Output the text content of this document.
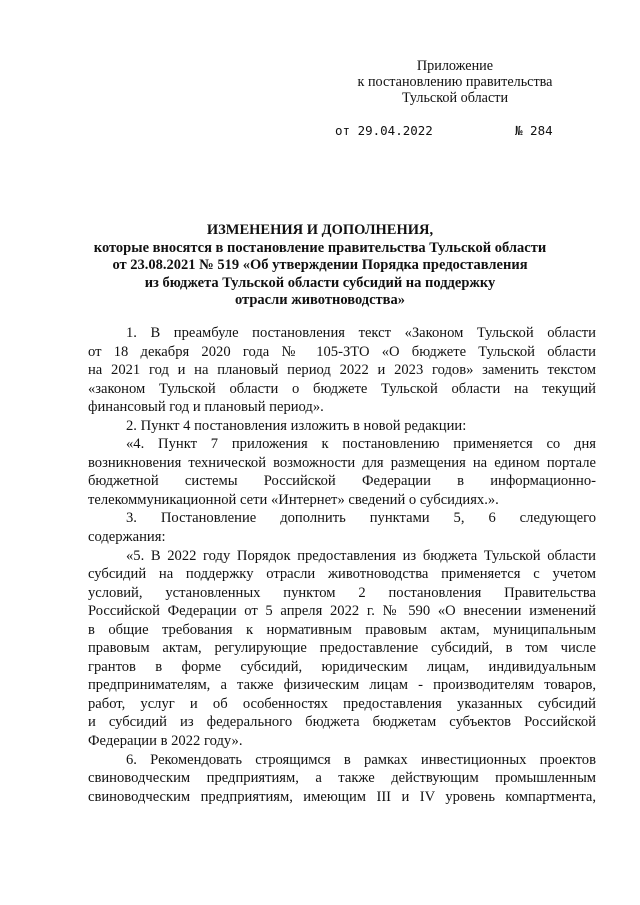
Приложение
к постановлению правительства
Тульской области
от 29.04.2022	№ 284
ИЗМЕНЕНИЯ И ДОПОЛНЕНИЯ,
которые вносятся в постановление правительства Тульской области
от 23.08.2021 № 519 «Об утверждении Порядка предоставления
из бюджета Тульской области субсидий на поддержку
отрасли животноводства»

1. В преамбуле постановления текст «Законом Тульской области

от 18 декабря 2020 года № 105-ЗТО «О бюджете Тульской области

на 2021 год и на плановый период 2022 и 2023 годов» заменить текстом

«законом Тульской области о бюджете Тульской области на текущий

финансовый год и плановый период».

2. Пункт 4 постановления изложить в новой редакции:

«4. Пункт 7 приложения к постановлению применяется со дня

возникновения технической возможности для размещения на едином портале

бюджетной системы Российской Федерации в информационно-

телекоммуникационной сети «Интернет» сведений о субсидиях.».

3. Постановление дополнить пунктами 5, 6 следующего

содержания:

«5. В 2022 году Порядок предоставления из бюджета Тульской области

субсидий на поддержку отрасли животноводства применяется с учетом

условий, установленных пунктом 2 постановления Правительства

Российской Федерации от 5 апреля 2022 г. № 590 «О внесении изменений

в общие требования к нормативным правовым актам, муниципальным

правовым актам, регулирующие предоставление субсидий, в том числе

грантов в форме субсидий, юридическим лицам, индивидуальным

предпринимателям, а также физическим лицам - производителям товаров,

работ, услуг и об особенностях предоставления указанных субсидий

и субсидий из федерального бюджета бюджетам субъектов Российской

Федерации в 2022 году».

6. Рекомендовать строящимся в рамках инвестиционных проектов

свиноводческим предприятиям, а также действующим промышленным

свиноводческим предприятиям, имеющим III и IV уровень компартмента,
